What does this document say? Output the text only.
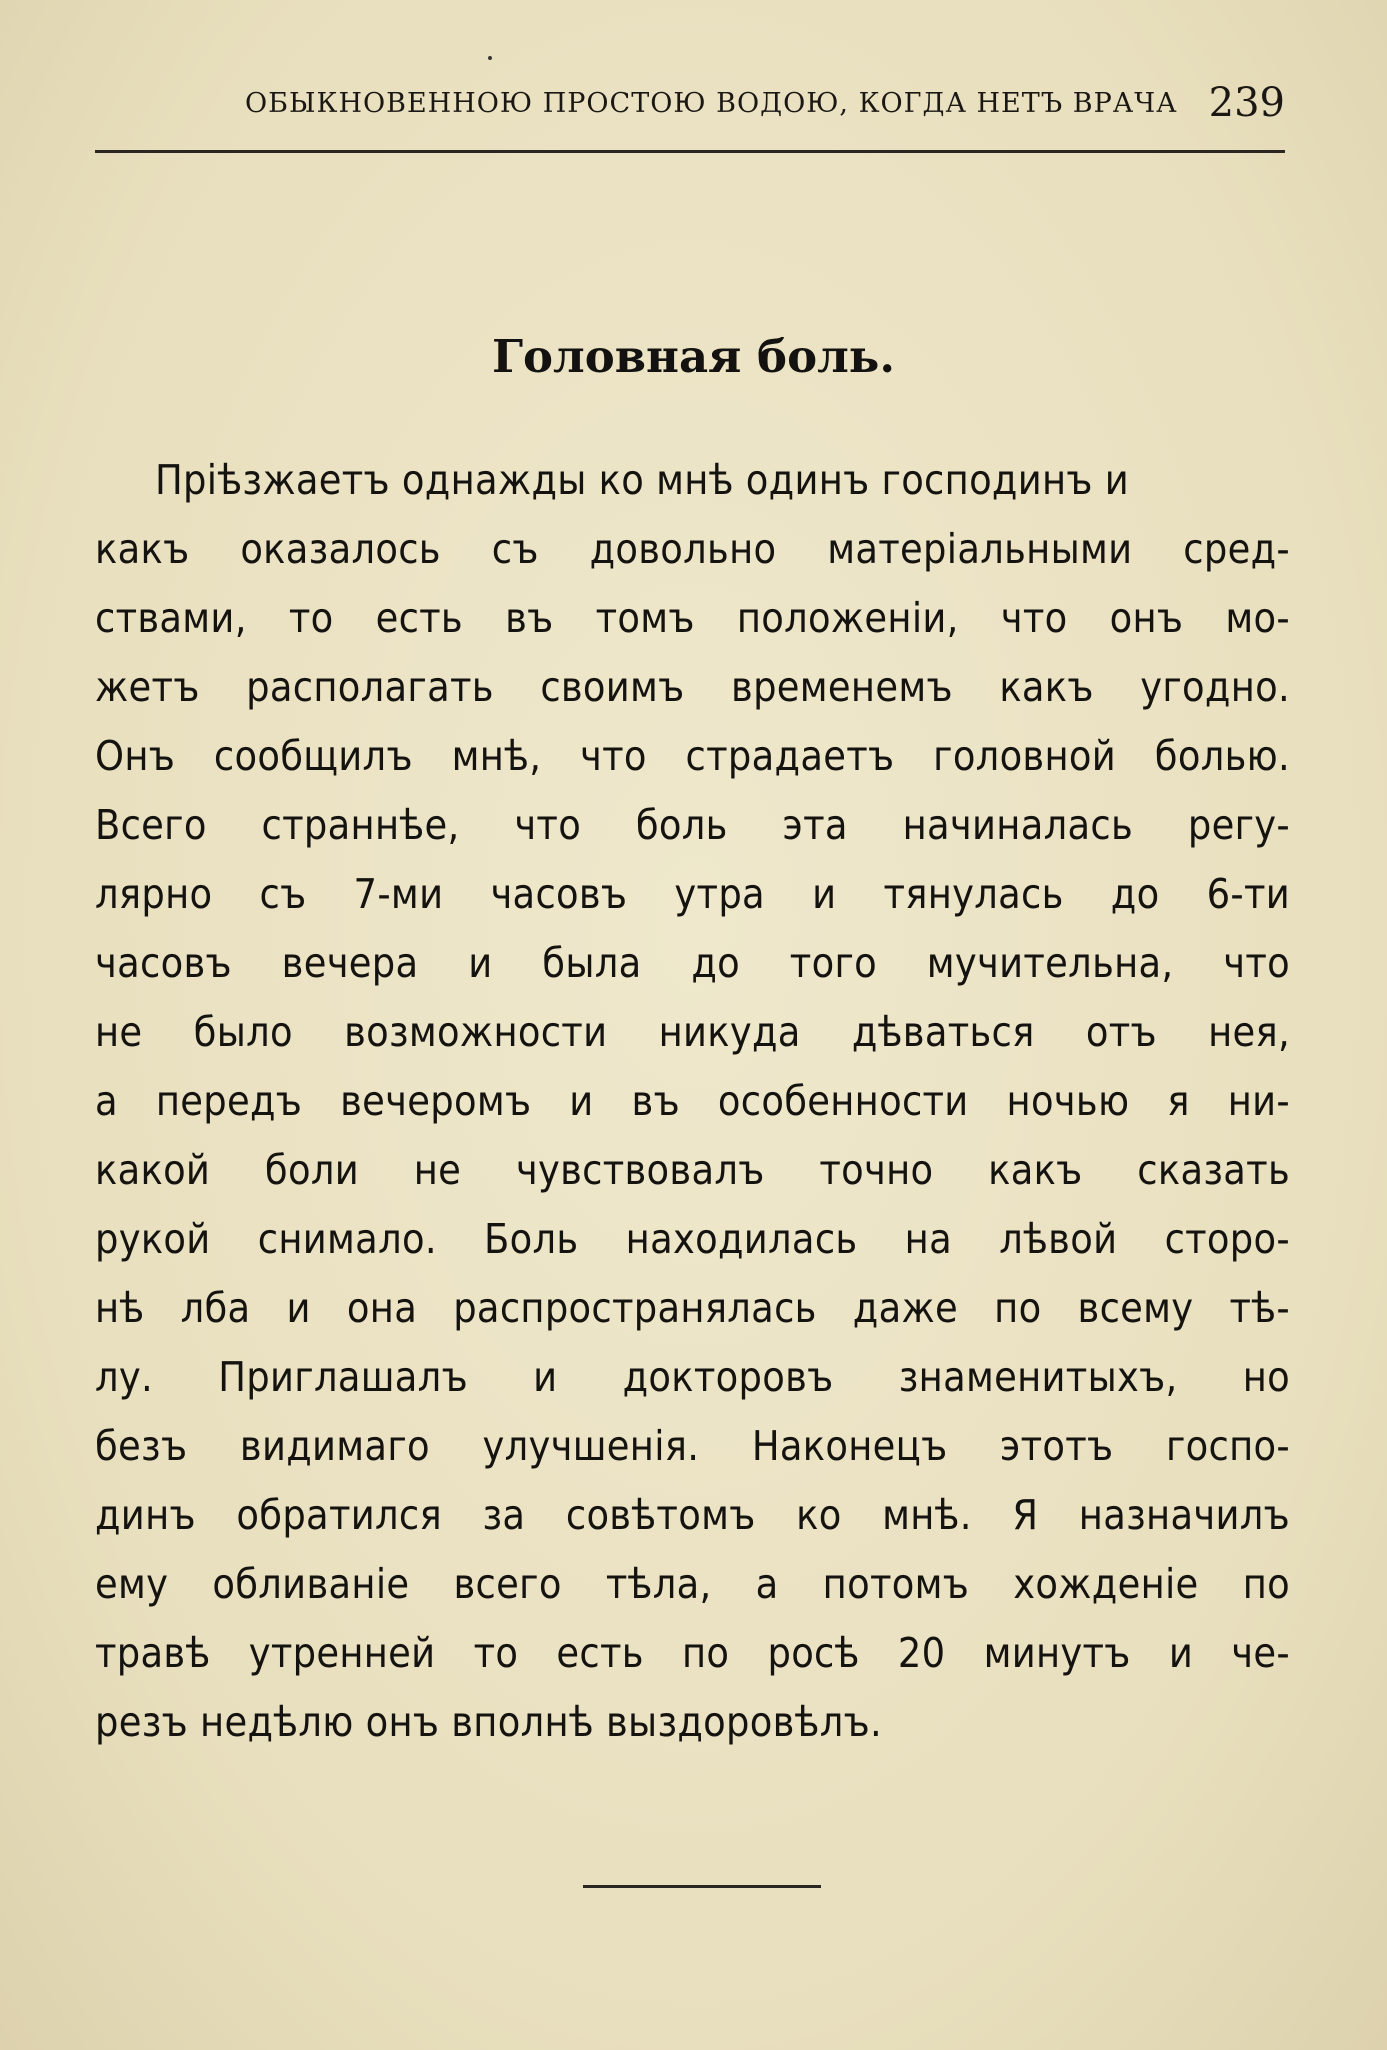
ОБЫКНОВЕННОЮ ПРОСТОЮ ВОДОЮ, КОГДА НЕТЪ ВРАЧА 239
Головная боль.
Пріѣзжаетъ однажды ко мнѣ одинъ господинъ и
какъ оказалось съ довольно матеріальными сред-
ствами, то есть въ томъ положеніи, что онъ мо-
жетъ располагать своимъ временемъ какъ угодно.
Онъ сообщилъ мнѣ, что страдаетъ головной болью.
Всего страннѣе, что боль эта начиналась регу-
лярно съ 7-ми часовъ утра и тянулась до 6-ти
часовъ вечера и была до того мучительна, что
не было возможности никуда дѣваться отъ нея,
а передъ вечеромъ и въ особенности ночью я ни-
какой боли не чувствовалъ точно какъ сказать
рукой снимало. Боль находилась на лѣвой сторо-
нѣ лба и она распространялась даже по всему тѣ-
лу. Приглашалъ и докторовъ знаменитыхъ, но
безъ видимаго улучшенія. Наконецъ этотъ госпо-
динъ обратился за совѣтомъ ко мнѣ. Я назначилъ
ему обливаніе всего тѣла, а потомъ хожденіе по
травѣ утренней то есть по росѣ 20 минутъ и че-
резъ недѣлю онъ вполнѣ выздоровѣлъ.
